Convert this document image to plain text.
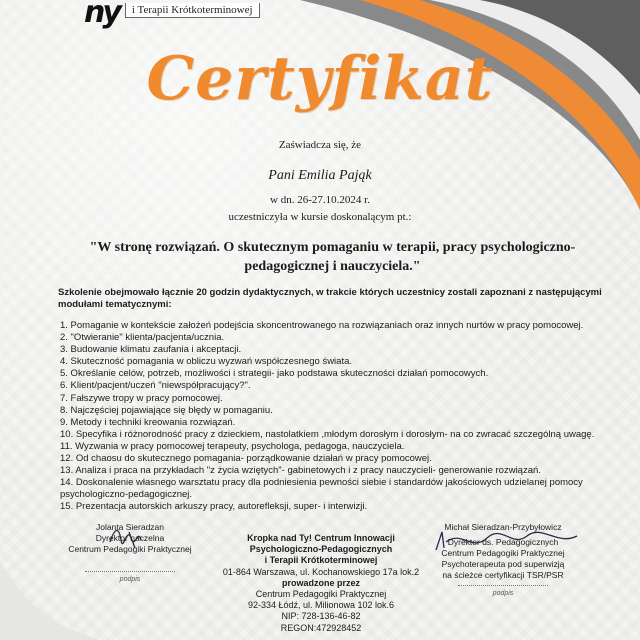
ny	i Terapii Krótkoterminowej
Certyfikat
Zaświadcza się, że
Pani Emilia Pająk
w dn. 26-27.10.2024 r.
uczestniczyła w kursie doskonalącym pt.:
"W stronę rozwiązań. O skutecznym pomaganiu w terapii, pracy psychologiczno-pedagogicznej i nauczyciela."
Szkolenie obejmowało łącznie 20 godzin dydaktycznych, w trakcie których uczestnicy zostali zapoznani z następującymi modułami tematycznymi:
1. Pomaganie w kontekście założeń podejścia skoncentrowanego na rozwiązaniach oraz innych nurtów w pracy pomocowej.
2. "Otwieranie" klienta/pacjenta/ucznia.
3. Budowanie klimatu zaufania i akceptacji.
4. Skuteczność pomagania w obliczu wyzwań współczesnego świata.
5. Określanie celów, potrzeb, możliwości i strategii- jako podstawa skuteczności działań pomocowych.
6. Klient/pacjent/uczeń "niewspółpracujący?".
7. Fałszywe tropy w pracy pomocowej.
8. Najczęściej pojawiające się błędy w pomaganiu.
9. Metody i techniki kreowania rozwiązań.
10. Specyfika i różnorodność pracy z dzieckiem, nastolatkiem ,młodym dorosłym i dorosłym- na co zwracać szczególną uwagę.
11. Wyzwania w pracy pomocowej terapeuty, psychologa, pedagoga, nauczyciela.
12. Od chaosu do skutecznego pomagania- porządkowanie działań w pracy pomocowej.
13. Analiza i praca na przykładach "z życia wziętych"- gabinetowych i z pracy nauczycieli- generowanie rozwiązań.
14. Doskonalenie własnego warsztatu pracy dla podniesienia pewności siebie i standardów jakościowych udzielanej pomocy psychologiczno-pedagogicznej.
15. Prezentacja autorskich arkuszy pracy, autorefleksji, super- i interwizji.
Jolanta Sieradzan
Dyrektor naczelna
Centrum Pedagogiki Praktycznej
podpis
Kropka nad Ty! Centrum Innowacji
Psychologiczno-Pedagogicznych
i Terapii Krótkoterminowej
01-864 Warszawa, ul. Kochanowskiego 17a lok.2
prowadzone przez
Centrum Pedagogiki Praktycznej
92-334 Łódź, ul. Milionowa 102 lok.6
NIP: 728-136-46-82
REGON:472928452
Michał Sieradzan-Przybyłowicz
Dyrektor ds. Pedagogicznych
Centrum Pedagogiki Praktycznej
Psychoterapeuta pod superwizją
na ścieżce certyfikacji TSR/PSR
podpis
